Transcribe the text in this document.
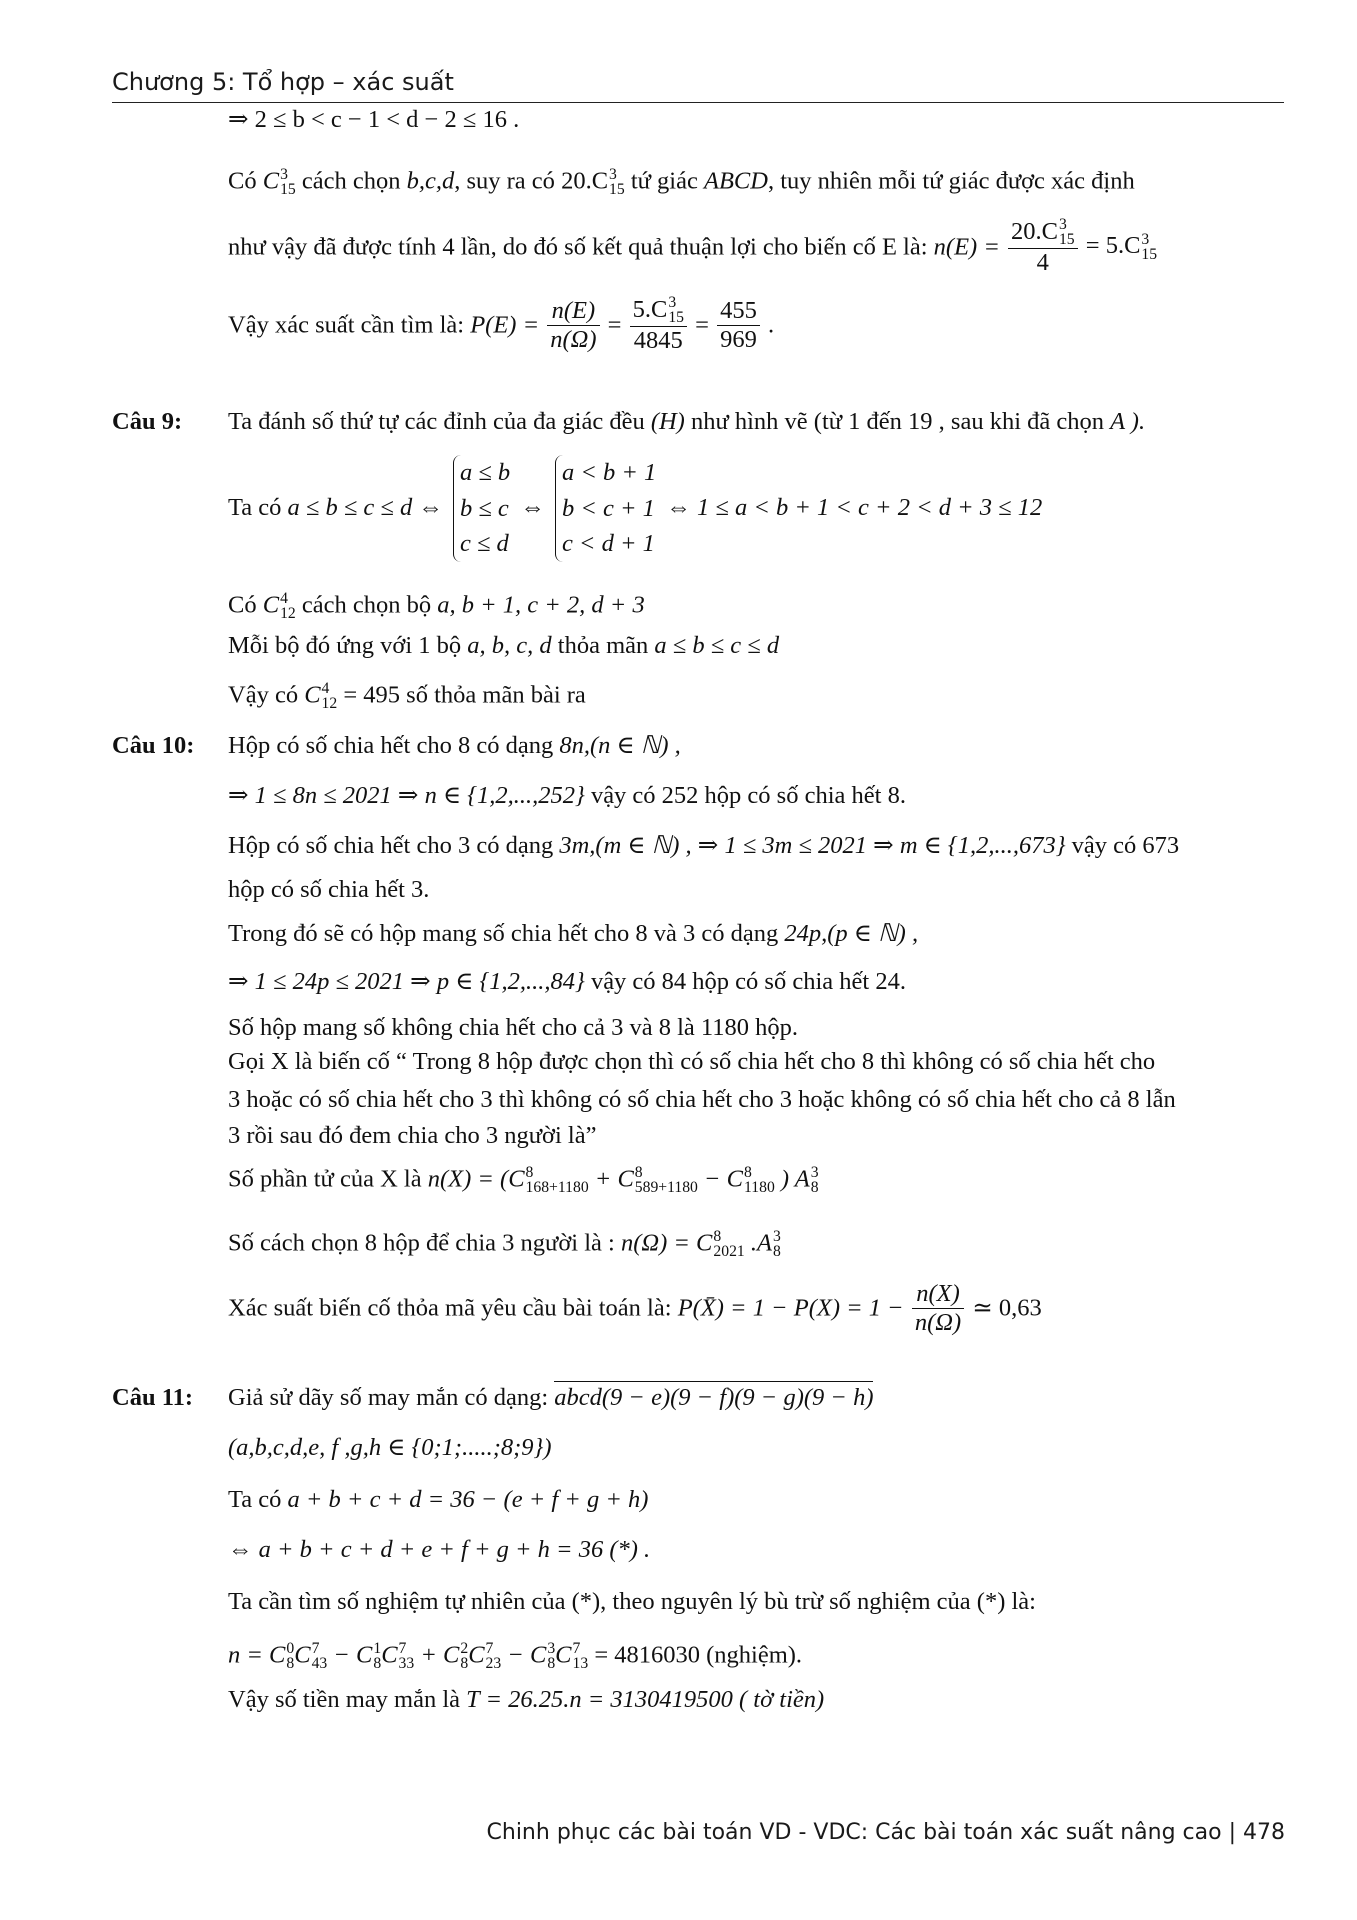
Chương 5: Tổ hợp – xác suất
⇒ 2 ≤ b < c − 1 < d − 2 ≤ 16 .
Có C 3
15 cách chọn b,c,d, suy ra có 20.C 3
15 tứ giác ABCD, tuy nhiên mỗi tứ giác được xác định
như vậy đã được tính 4 lần, do đó số kết quả thuận lợi cho biến cố E là: n(E) = 20.C 3
15
4 = 5.C 3
15
Vậy xác suất cần tìm là: $P(E) = \frac{n(E)}{n(\Omega)} = 5.C$ 3
15
$4845 = \frac{455}{969}$ .
Câu 9: Ta đánh số thứ tự các đỉnh của đa giác đều (H) như hình vẽ (từ 1 đến 19 , sau khi đã chọn A ).
Ta có a ≤ b ≤ c ≤ d ⇔
a ≤ b
b ≤ c
c ≤ d
⇔
a < b + 1
b < c + 1
c < d + 1
⇔ 1 ≤ a < b + 1 < c + 2 < d + 3 ≤ 12
Có C 4
12 cách chọn bộ a, b + 1, c + 2, d + 3
Mỗi bộ đó ứng với 1 bộ a, b, c, d thỏa mãn a ≤ b ≤ c ≤ d
Vậy có C 4
12 = 495 số thỏa mãn bài ra
Câu 10: Hộp có số chia hết cho 8 có dạng 8n,(n ∈ ℕ) ,
⇒ 1 ≤ 8n ≤ 2021 ⇒ n ∈ {1,2,...,252} vậy có 252 hộp có số chia hết 8.
Hộp có số chia hết cho 3 có dạng 3m,(m ∈ ℕ) , ⇒ 1 ≤ 3m ≤ 2021 ⇒ m ∈ {1,2,...,673} vậy có 673
hộp có số chia hết 3.
Trong đó sẽ có hộp mang số chia hết cho 8 và 3 có dạng 24p,(p ∈ ℕ) ,
⇒ 1 ≤ 24p ≤ 2021 ⇒ p ∈ {1,2,...,84} vậy có 84 hộp có số chia hết 24.
Số hộp mang số không chia hết cho cả 3 và 8 là 1180 hộp.
Gọi X là biến cố “ Trong 8 hộp được chọn thì có số chia hết cho 8 thì không có số chia hết cho
3 hoặc có số chia hết cho 3 thì không có số chia hết cho 3 hoặc không có số chia hết cho cả 8 lẫn
3 rồi sau đó đem chia cho 3 người là”
Số phần tử của X là n(X) = (C 8
168+1180 + C 8
589+1180 − C 8
1180 ) A 3
8
Số cách chọn 8 hộp để chia 3 người là : n(Ω) = C 8
2021 .A 3
8
Xác suất biến cố thỏa mã yêu cầu bài toán là: P(X̄) = $1 - P(X) = 1 - \frac{n(X)}{n(\Omega)}$ ≃ 0,63
Câu 11: Giả sử dãy số may mắn có dạng: abcd(9 − e)(9 − f)(9 − g)(9 − h)
(a,b,c,d,e, f ,g,h ∈ {0;1;.....;8;9})
Ta có a + b + c + d = 36 − (e + f + g + h)
⇔ a + b + c + d + e + f + g + h = 36 (*) .
Ta cần tìm số nghiệm tự nhiên của (*), theo nguyên lý bù trừ số nghiệm của (*) là:
n = C 0
8 C 7
43 − C 1
8 C 7
33 + C 2
8 C 7
23 − C 3
8 C 7
13 = 4816030 (nghiệm).
Vậy số tiền may mắn là T = 26.25.n = 3130419500 ( tờ tiền)
Chinh phục các bài toán VD - VDC: Các bài toán xác suất nâng cao | 478
